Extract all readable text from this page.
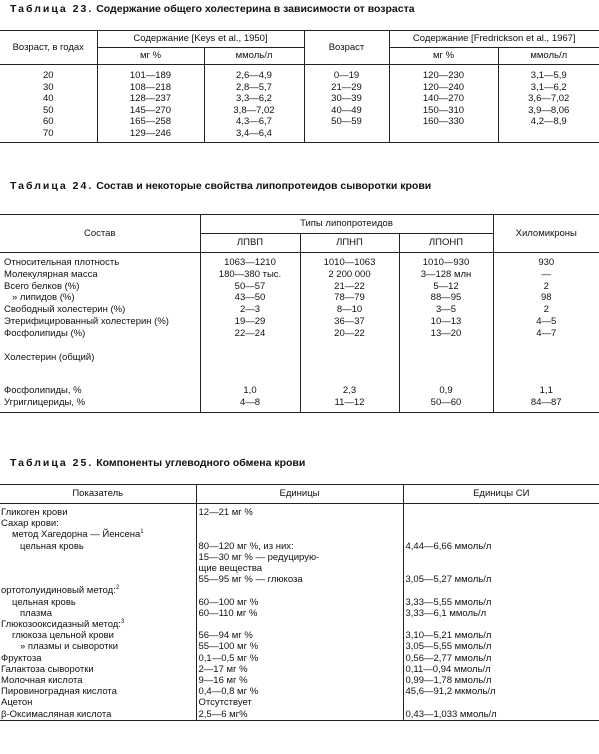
Таблица 23. Содержание общего холестерина в зависимости от возраста
Возраст, в годах	Содержание [Keys et al., 1950]		Возраст	Содержание [Fredrickson et al., 1967]	
	мг %	ммоль/л		мг %	ммоль/л
20	101—189	2,6—4,9	0—19	120—230	3,1—5,9
30	108—218	2,8—5,7	21—29	120—240	3,1—6,2
40	128—237	3,3—6,2	30—39	140—270	3,6—7,02
50	145—270	3,8—7,02	40—49	150—310	3,9—8,06
60	165—258	4,3—6,7	50—59	160—330	4,2—8,9
70	129—246	3,4—6,4			
Таблица 24. Состав и некоторые свойства липопротеидов сыворотки крови
Состав	Типы липопротеидов			Хиломикроны
	ЛПВП	ЛПНП	ЛПОНП	
Относительная плотность	1063—1210	1010—1063	1010—930	930
Молекулярная масса	180—380 тыс.	2 200 000	3—128 млн	—
Всего белков (%)	50—57	21—22	5—12	2
» липидов (%)	43—50	78—79	88—95	98
Свободный холестерин (%)	2—3	8—10	3—5	2
Этерифицированный холестерин (%)	19—29	36—37	10—13	4—5
Фосфолипиды (%)	22—24	20—22	13—20	4—7

Холестерин (общий)				

Фосфолипиды, %	1,0	2,3	0,9	1,1
Угриглицериды, %	4—8	11—12	50—60	84—87
Таблица 25. Компоненты углеводного обмена крови
Показатель	Единицы	Единицы СИ
Гликоген крови	12—21 мг %	
Сахар крови:		
метод Хагедорна — Йенсена$^1$		
цельная кровь	80—120 мг %, из них:	4,44—6,66 ммоль/л
	15—30 мг % — редуцирую-	
	щие вещества	
	55—95 мг % — глюкоза	3,05—5,27 ммоль/л
ортотолуидиновый метод:$^2$		
цельная кровь	60—100 мг %	3,33—5,55 ммоль/л
плазма	60—110 мг %	3,33—6,1 ммоль/л
Глюкозооксидазный метод:$^3$		
глюкоза цельной крови	56—94 мг %	3,10—5,21 ммоль/л
» плазмы и сыворотки	55—100 мг %	3,05—5,55 ммоль/л
Фруктоза	0,1—0,5 мг %	0,56—2,77 ммоль/л
Галактоза сыворотки	2—17 мг %	0,11—0,94 ммоль/л
Молочная кислота	9—16 мг %	0,99—1,78 ммоль/л
Пировиноградная кислота	0,4—0,8 мг %	45,6—91,2 мкмоль/л
Ацетон	Отсутствует	
β-Оксимасляная кислота	2,5—6 мг%	0,43—1,033 ммоль/л
